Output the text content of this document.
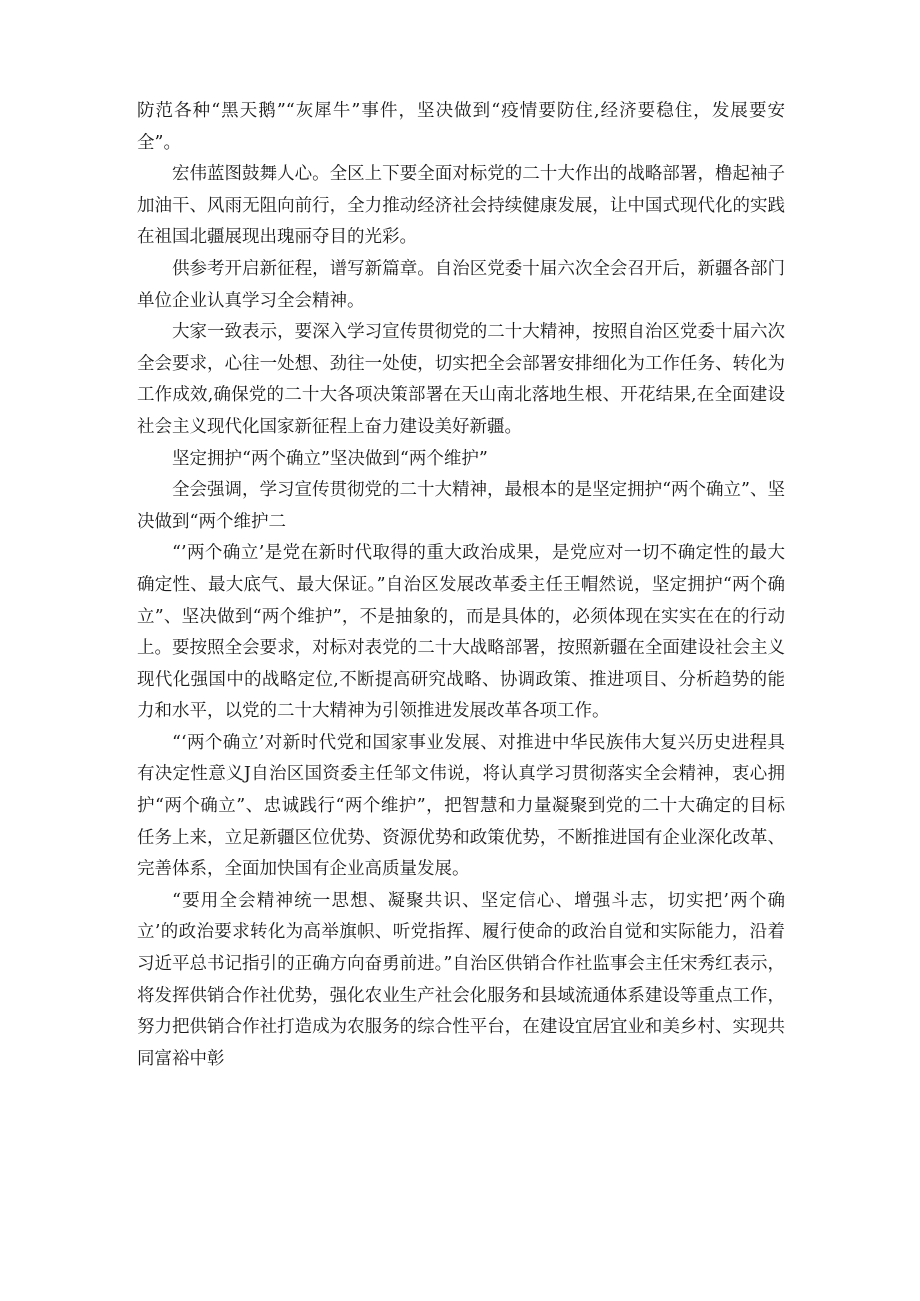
防范各种“黑天鹅”“灰犀牛”事件，坚决做到“疫情要防住,经济要稳住，发展要安全”。

宏伟蓝图鼓舞人心。全区上下要全面对标党的二十大作出的战略部署，橹起袖子加油干、风雨无阻向前行，全力推动经济社会持续健康发展，让中国式现代化的实践在祖国北疆展现出瑰丽夺目的光彩。

供参考开启新征程，谱写新篇章。自治区党委十届六次全会召开后，新疆各部门单位企业认真学习全会精神。

大家一致表示，要深入学习宣传贯彻党的二十大精神，按照自治区党委十届六次全会要求，心往一处想、劲往一处使，切实把全会部署安排细化为工作任务、转化为工作成效,确保党的二十大各项决策部署在天山南北落地生根、开花结果,在全面建设社会主义现代化国家新征程上奋力建设美好新疆。

坚定拥护“两个确立”坚决做到“两个维护”

全会强调，学习宣传贯彻党的二十大精神，最根本的是坚定拥护“两个确立”、坚决做到“两个维护二

“’两个确立’是党在新时代取得的重大政治成果，是党应对一切不确定性的最大确定性、最大底气、最大保证。”自治区发展改革委主任王帽然说，坚定拥护“两个确立”、坚决做到“两个维护”，不是抽象的，而是具体的，必须体现在实实在在的行动上。要按照全会要求，对标对表党的二十大战略部署，按照新疆在全面建设社会主义现代化强国中的战略定位,不断提高研究战略、协调政策、推进项目、分析趋势的能力和水平，以党的二十大精神为引领推进发展改革各项工作。

“‘两个确立’对新时代党和国家事业发展、对推进中华民族伟大复兴历史进程具有决定性意义J自治区国资委主任邹文伟说，将认真学习贯彻落实全会精神，衷心拥护“两个确立”、忠诚践行“两个维护”，把智慧和力量凝聚到党的二十大确定的目标任务上来，立足新疆区位优势、资源优势和政策优势，不断推进国有企业深化改革、完善体系，全面加快国有企业高质量发展。

“要用全会精神统一思想、凝聚共识、坚定信心、增强斗志，切实把’两个确立’的政治要求转化为高举旗帜、听党指挥、履行使命的政治自觉和实际能力，沿着习近平总书记指引的正确方向奋勇前进。”自治区供销合作社监事会主任宋秀红表示，将发挥供销合作社优势，强化农业生产社会化服务和县域流通体系建设等重点工作，努力把供销合作社打造成为农服务的综合性平台，在建设宜居宜业和美乡村、实现共同富裕中彰
